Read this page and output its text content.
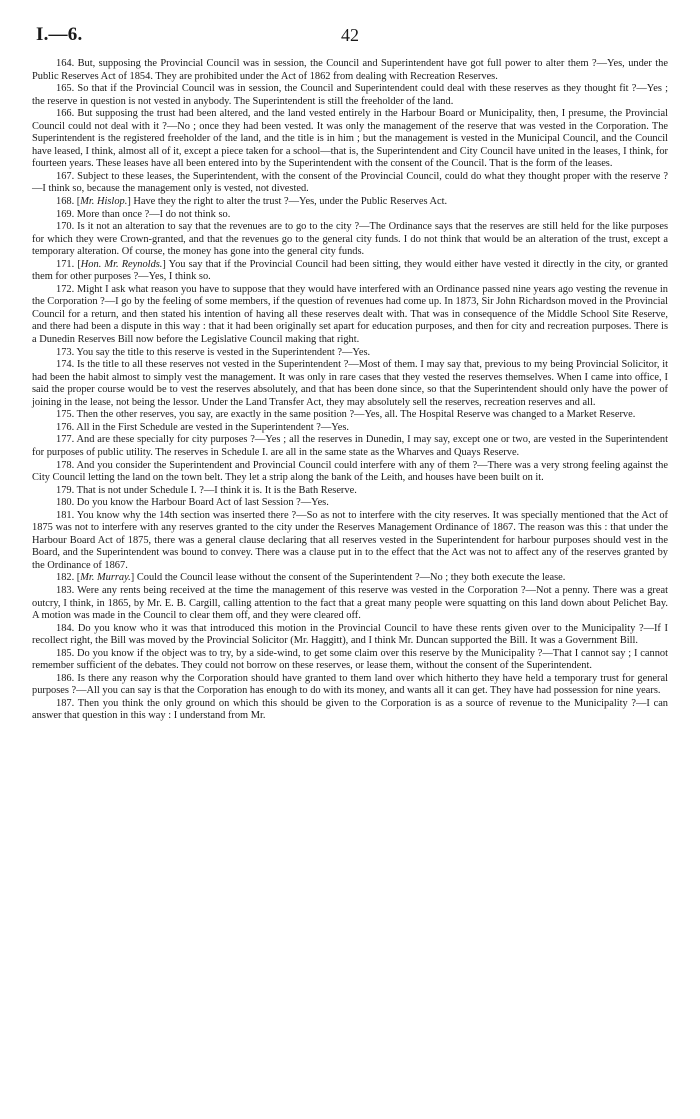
I.—6.	42

164. But, supposing the Provincial Council was in session, the Council and Superintendent have got full power to alter them ?—Yes, under the Public Reserves Act of 1854. They are prohibited under the Act of 1862 from dealing with Recreation Reserves.

165. So that if the Provincial Council was in session, the Council and Superintendent could deal with these reserves as they thought fit ?—Yes ; the reserve in question is not vested in anybody. The Superintendent is still the freeholder of the land.

166. But supposing the trust had been altered, and the land vested entirely in the Harbour Board or Municipality, then, I presume, the Provincial Council could not deal with it ?—No ; once they had been vested. It was only the management of the reserve that was vested in the Corporation. The Superintendent is the registered freeholder of the land, and the title is in him ; but the management is vested in the Municipal Council, and the Council have leased, I think, almost all of it, except a piece taken for a school—that is, the Superintendent and City Council have united in the leases, I think, for fourteen years. These leases have all been entered into by the Superintendent with the consent of the Council. That is the form of the leases.

167. Subject to these leases, the Superintendent, with the consent of the Provincial Council, could do what they thought proper with the reserve ?—I think so, because the management only is vested, not divested.

168. [Mr. Hislop.] Have they the right to alter the trust ?—Yes, under the Public Reserves Act.

169. More than once ?—I do not think so.

170. Is it not an alteration to say that the revenues are to go to the city ?—The Ordinance says that the reserves are still held for the like purposes for which they were Crown-granted, and that the revenues go to the general city funds. I do not think that would be an alteration of the trust, except a temporary alteration. Of course, the money has gone into the general city funds.

171. [Hon. Mr. Reynolds.] You say that if the Provincial Council had been sitting, they would either have vested it directly in the city, or granted them for other purposes ?—Yes, I think so.

172. Might I ask what reason you have to suppose that they would have interfered with an Ordinance passed nine years ago vesting the revenue in the Corporation ?—I go by the feeling of some members, if the question of revenues had come up. In 1873, Sir John Richardson moved in the Provincial Council for a return, and then stated his intention of having all these reserves dealt with. That was in consequence of the Middle School Site Reserve, and there had been a dispute in this way : that it had been originally set apart for education purposes, and then for city and recreation purposes. There is a Dunedin Reserves Bill now before the Legislative Council making that right.

173. You say the title to this reserve is vested in the Superintendent ?—Yes.

174. Is the title to all these reserves not vested in the Superintendent ?—Most of them. I may say that, previous to my being Provincial Solicitor, it had been the habit almost to simply vest the management. It was only in rare cases that they vested the reserves themselves. When I came into office, I said the proper course would be to vest the reserves absolutely, and that has been done since, so that the Superintendent should only have the power of joining in the lease, not being the lessor. Under the Land Transfer Act, they may absolutely sell the reserves, recreation reserves and all.

175. Then the other reserves, you say, are exactly in the same position ?—Yes, all. The Hospital Reserve was changed to a Market Reserve.

176. All in the First Schedule are vested in the Superintendent ?—Yes.

177. And are these specially for city purposes ?—Yes ; all the reserves in Dunedin, I may say, except one or two, are vested in the Superintendent for purposes of public utility. The reserves in Schedule I. are all in the same state as the Wharves and Quays Reserve.

178. And you consider the Superintendent and Provincial Council could interfere with any of them ?—There was a very strong feeling against the City Council letting the land on the town belt. They let a strip along the bank of the Leith, and houses have been built on it.

179. That is not under Schedule I. ?—I think it is. It is the Bath Reserve.

180. Do you know the Harbour Board Act of last Session ?—Yes.

181. You know why the 14th section was inserted there ?—So as not to interfere with the city reserves. It was specially mentioned that the Act of 1875 was not to interfere with any reserves granted to the city under the Reserves Management Ordinance of 1867. The reason was this : that under the Harbour Board Act of 1875, there was a general clause declaring that all reserves vested in the Superintendent for harbour purposes should vest in the Board, and the Superintendent was bound to convey. There was a clause put in to the effect that the Act was not to affect any of the reserves granted by the Ordinance of 1867.

182. [Mr. Murray.] Could the Council lease without the consent of the Superintendent ?—No ; they both execute the lease.

183. Were any rents being received at the time the management of this reserve was vested in the Corporation ?—Not a penny. There was a great outcry, I think, in 1865, by Mr. E. B. Cargill, calling attention to the fact that a great many people were squatting on this land down about Pelichet Bay. A motion was made in the Council to clear them off, and they were cleared off.

184. Do you know who it was that introduced this motion in the Provincial Council to have these rents given over to the Municipality ?—If I recollect right, the Bill was moved by the Provincial Solicitor (Mr. Haggitt), and I think Mr. Duncan supported the Bill. It was a Government Bill.

185. Do you know if the object was to try, by a side-wind, to get some claim over this reserve by the Municipality ?—That I cannot say ; I cannot remember sufficient of the debates. They could not borrow on these reserves, or lease them, without the consent of the Superintendent.

186. Is there any reason why the Corporation should have granted to them land over which hitherto they have held a temporary trust for general purposes ?—All you can say is that the Corporation has enough to do with its money, and wants all it can get. They have had possession for nine years.

187. Then you think the only ground on which this should be given to the Corporation is as a source of revenue to the Municipality ?—I can answer that question in this way : I understand from Mr.
